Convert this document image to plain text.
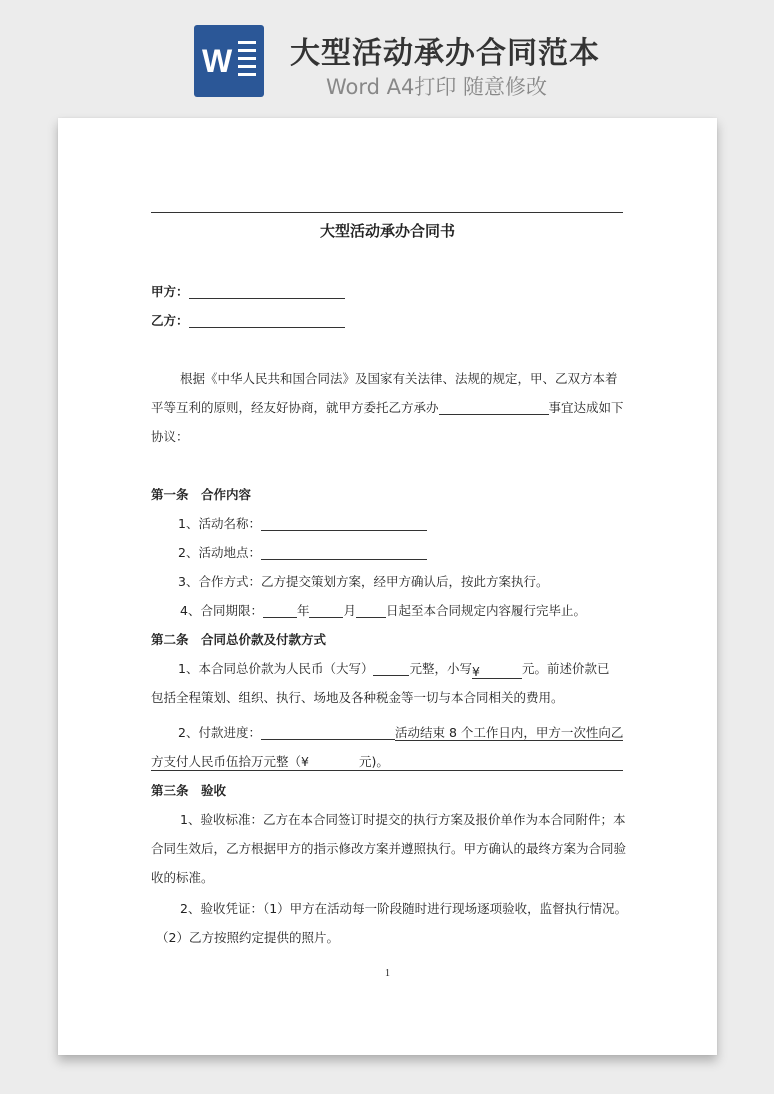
W 大型活动承办合同范本
Word A4打印 随意修改
大型活动承办合同书
甲方：
乙方：
根据《中华人民共和国合同法》及国家有关法律、法规的规定，甲、乙双方本着
平等互利的原则，经友好协商，就甲方委托乙方承办	事宜达成如下
协议：
第一条　合作内容
1、活动名称：
2、活动地点：
3、合作方式：乙方提交策划方案，经甲方确认后，按此方案执行。
4、合同期限：	年	月 日起至本合同规定内容履行完毕止。
第二条　合同总价款及付款方式
1、本合同总价款为人民币（大写）	元整，小写¥	元。前述价款已
包括全程策划、组织、执行、场地及各种税金等一切与本合同相关的费用。
2、付款进度：	活动结束 8 个工作日内，甲方一次性向乙
方支付人民币伍拾万元整（¥　　　　元)。
第三条　验收
1、验收标准：乙方在本合同签订时提交的执行方案及报价单作为本合同附件；本
合同生效后，乙方根据甲方的指示修改方案并遵照执行。甲方确认的最终方案为合同验
收的标准。
2、验收凭证：（1）甲方在活动每一阶段随时进行现场逐项验收，监督执行情况。
（2）乙方按照约定提供的照片。
1
